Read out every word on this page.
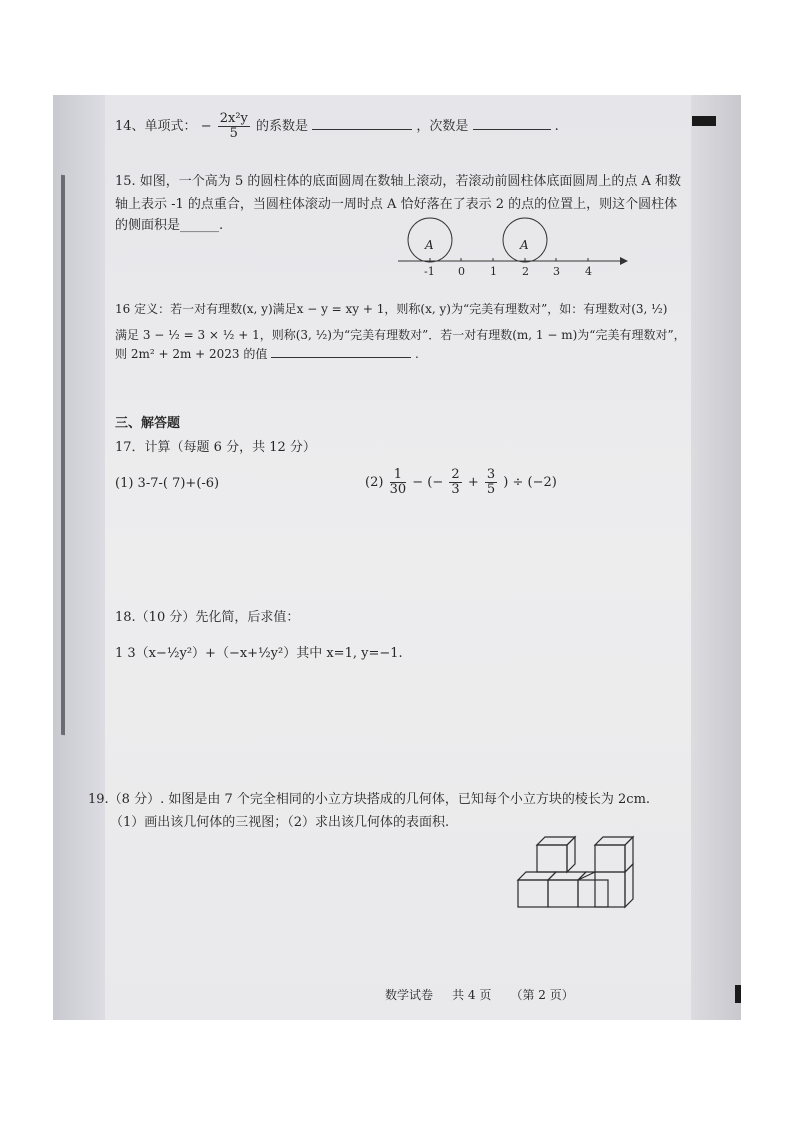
14、单项式： − $\frac{\text{2x²y}}{5}$ 的系数是	，次数是	.
15. 如图，一个高为 5 的圆柱体的底面圆周在数轴上滚动，若滚动前圆柱体底面圆周上的点 A 和数
轴上表示 -1 的点重合，当圆柱体滚动一周时点 A 恰好落在了表示 2 的点的位置上，则这个圆柱体
的侧面积是______.
A	A
-1 0 1 2 3 4
16 定义：若一对有理数(x, y)满足x − y = xy + 1，则称(x, y)为“完美有理数对”，如：有理数对(3, ½)
满足 3 − ½ = 3 × ½ + 1，则称(3, ½)为“完美有理数对”．若一对有理数(m, 1 − m)为“完美有理数对”，
则 2m² + 2m + 2023 的值	.
三、解答题
17．计算（每题 6 分，共 12 分）
(1) 3-7-( 7)+(-6)	$(2) \frac{1}{30}$ − (− $\frac{2}{3} + \frac{3}{5}$ ) ÷ (−2)
18.（10 分）先化简，后求值：
1 3（x−½y²）+（−x+½y²）其中 x=1, y=−1.
19.（8 分）. 如图是由 7 个完全相同的小立方块搭成的几何体，已知每个小立方块的棱长为 2cm.
（1）画出该几何体的三视图；（2）求出该几何体的表面积.
数学试卷 共 4 页 （第 2 页）
